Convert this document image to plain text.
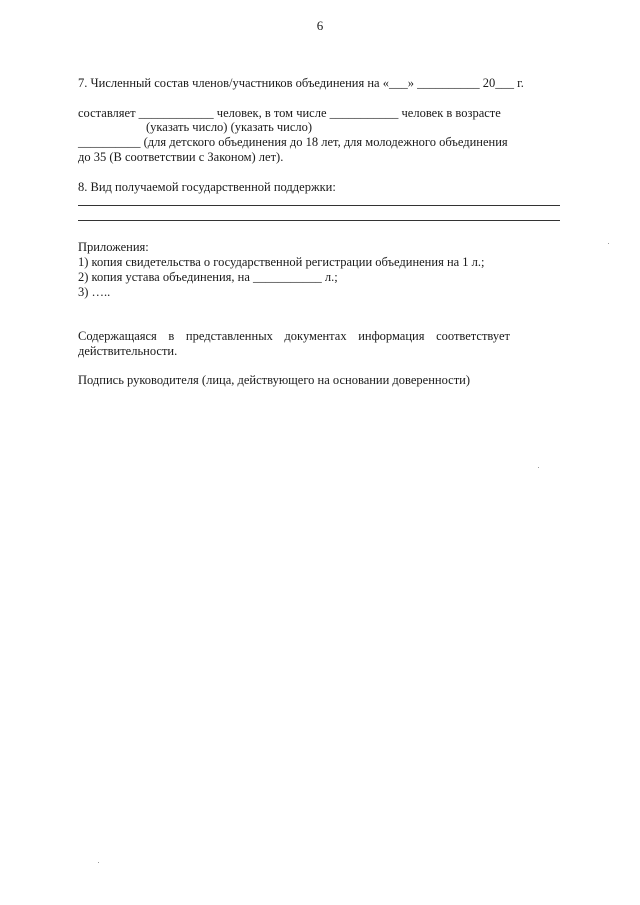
6
7. Численный состав членов/участников объединения на «___» __________ 20___ г.
составляет ____________ человек, в том числе ___________ человек в возрасте
(указать число) (указать число)
__________ (для детского объединения до 18 лет, для молодежного объединения
до 35 (В соответствии с Законом) лет).
8. Вид получаемой государственной поддержки:
Приложения:
1) копия свидетельства о государственной регистрации объединения на 1 л.;
2) копия устава объединения, на ___________ л.;
3) …..
Содержащаяся в представленных документах информация соответствует
действительности.
Подпись руководителя (лица, действующего на основании доверенности)
